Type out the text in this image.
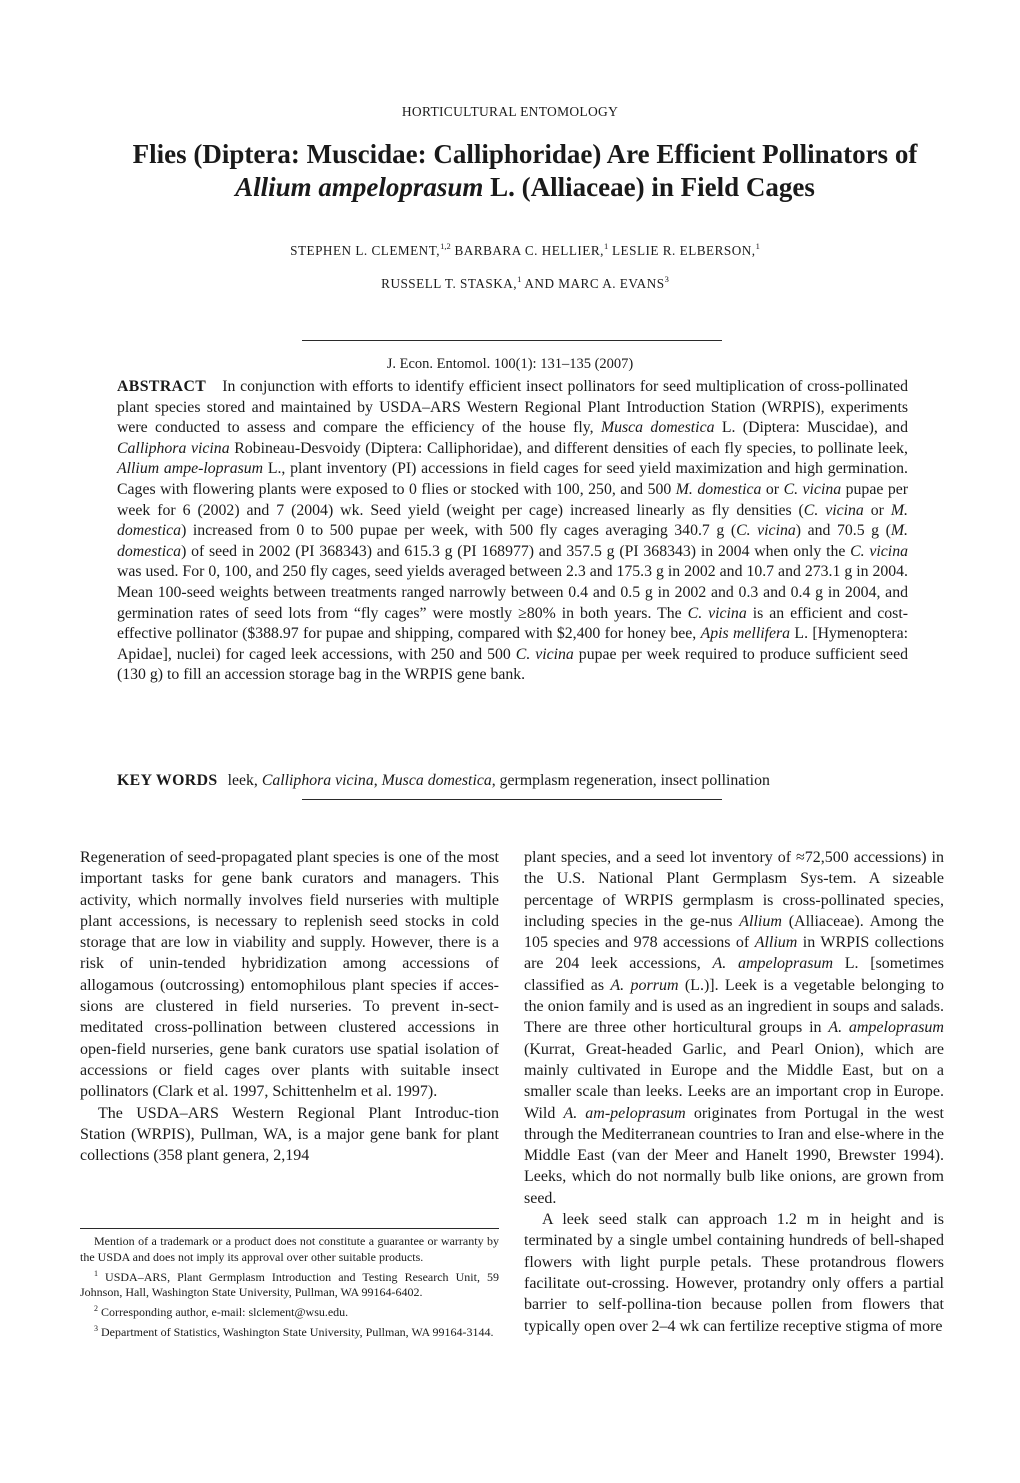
HORTICULTURAL ENTOMOLOGY
Flies (Diptera: Muscidae: Calliphoridae) Are Efficient Pollinators of
Allium ampeloprasum L. (Alliaceae) in Field Cages
STEPHEN L. CLEMENT,$^{1,2}$ BARBARA C. HELLIER,$^1$ LESLIE R. ELBERSON,$^1$
RUSSELL T. STASKA,$^1$ AND MARC A. EVANS$^3$
J. Econ. Entomol. 100(1): 131–135 (2007)
ABSTRACT In conjunction with efforts to identify efficient insect pollinators for seed multiplication of cross-pollinated plant species stored and maintained by USDA–ARS Western Regional Plant Introduction Station (WRPIS), experiments were conducted to assess and compare the efficiency of the house fly, Musca domestica L. (Diptera: Muscidae), and Calliphora vicina Robineau-Desvoidy (Diptera: Calliphoridae), and different densities of each fly species, to pollinate leek, Allium ampe-loprasum L., plant inventory (PI) accessions in field cages for seed yield maximization and high germination. Cages with flowering plants were exposed to 0 flies or stocked with 100, 250, and 500 M. domestica or C. vicina pupae per week for 6 (2002) and 7 (2004) wk. Seed yield (weight per cage) increased linearly as fly densities (C. vicina or M. domestica) increased from 0 to 500 pupae per week, with 500 fly cages averaging 340.7 g (C. vicina) and 70.5 g (M. domestica) of seed in 2002 (PI 368343) and 615.3 g (PI 168977) and 357.5 g (PI 368343) in 2004 when only the C. vicina was used. For 0, 100, and 250 fly cages, seed yields averaged between 2.3 and 175.3 g in 2002 and 10.7 and 273.1 g in 2004. Mean 100-seed weights between treatments ranged narrowly between 0.4 and 0.5 g in 2002 and 0.3 and 0.4 g in 2004, and germination rates of seed lots from “fly cages” were mostly ≥80% in both years. The C. vicina is an efficient and cost-effective pollinator ($388.97 for pupae and shipping, compared with $2,400 for honey bee, Apis mellifera L. [Hymenoptera: Apidae], nuclei) for caged leek accessions, with 250 and 500 C. vicina pupae per week required to produce sufficient seed (130 g) to fill an accession storage bag in the WRPIS gene bank.
KEY WORDS leek, Calliphora vicina, Musca domestica, germplasm regeneration, insect pollination

Regeneration of seed-propagated plant species is one of the most important tasks for gene bank curators and managers. This activity, which normally involves field nurseries with multiple plant accessions, is necessary to replenish seed stocks in cold storage that are low in viability and supply. However, there is a risk of unin-tended hybridization among accessions of allogamous (outcrossing) entomophilous plant species if acces-sions are clustered in field nurseries. To prevent in-sect-meditated cross-pollination between clustered accessions in open-field nurseries, gene bank curators use spatial isolation of accessions or field cages over plants with suitable insect pollinators (Clark et al. 1997, Schittenhelm et al. 1997).

The USDA–ARS Western Regional Plant Introduc-tion Station (WRPIS), Pullman, WA, is a major gene bank for plant collections (358 plant genera, 2,194

plant species, and a seed lot inventory of ≈72,500 accessions) in the U.S. National Plant Germplasm Sys-tem. A sizeable percentage of WRPIS germplasm is cross-pollinated species, including species in the ge-nus Allium (Alliaceae). Among the 105 species and 978 accessions of Allium in WRPIS collections are 204 leek accessions, A. ampeloprasum L. [sometimes classified as A. porrum (L.)]. Leek is a vegetable belonging to the onion family and is used as an ingredient in soups and salads. There are three other horticultural groups in A. ampeloprasum (Kurrat, Great-headed Garlic, and Pearl Onion), which are mainly cultivated in Europe and the Middle East, but on a smaller scale than leeks. Leeks are an important crop in Europe. Wild A. am-peloprasum originates from Portugal in the west through the Mediterranean countries to Iran and else-where in the Middle East (van der Meer and Hanelt 1990, Brewster 1994). Leeks, which do not normally bulb like onions, are grown from seed.

A leek seed stalk can approach 1.2 m in height and is terminated by a single umbel containing hundreds of bell-shaped flowers with light purple petals. These protandrous flowers facilitate out-crossing. However, protandry only offers a partial barrier to self-pollina-tion because pollen from flowers that typically open over 2–4 wk can fertilize receptive stigma of more

Mention of a trademark or a product does not constitute a guarantee or warranty by the USDA and does not imply its approval over other suitable products.

$^1$ USDA–ARS, Plant Germplasm Introduction and Testing Research Unit, 59 Johnson, Hall, Washington State University, Pullman, WA 99164-6402.

$^2$ Corresponding author, e-mail: slclement@wsu.edu.

$^3$ Department of Statistics, Washington State University, Pullman, WA 99164-3144.
